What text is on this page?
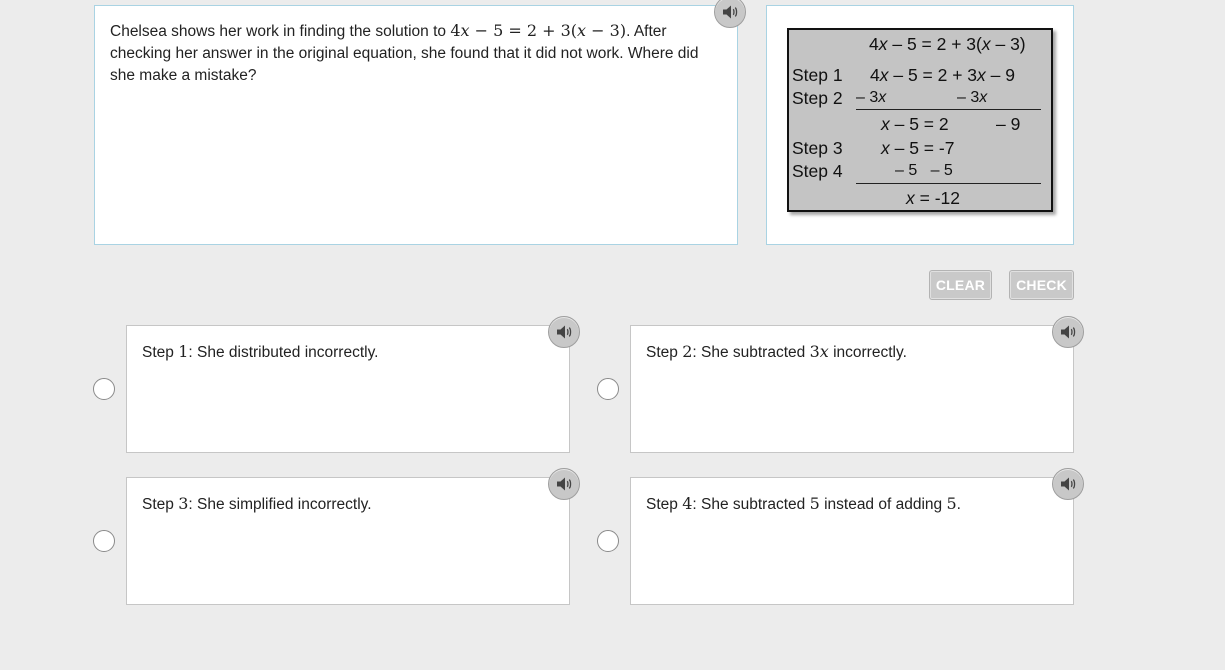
Chelsea shows her work in finding the solution to 4𝑥 − 5 = 2 + 3(𝑥 − 3). After checking her answer in the original equation, she found that it did not work. Where did she make a mistake?
4x – 5 = 2 + 3(x – 3)
Step 1 4x – 5 = 2 + 3x – 9
Step 2 – 3x	– 3x
x – 5 = 2	– 9
Step 3 x – 5 = -7
Step 4	– 5   – 5
x = -12
CLEAR	CHECK
Step 1: She distributed incorrectly.	Step 2: She subtracted 3𝑥 incorrectly.
Step 3: She simplified incorrectly.	Step 4: She subtracted 5 instead of adding 5.
